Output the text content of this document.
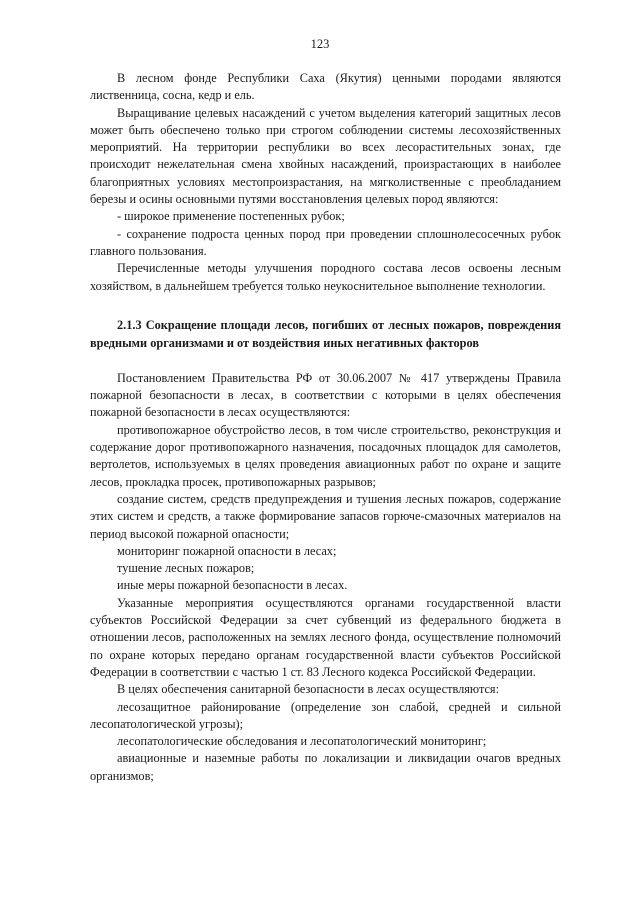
123

В лесном фонде Республики Саха (Якутия) ценными породами являются лиственница, сосна, кедр и ель.

Выращивание целевых насаждений с учетом выделения категорий защитных лесов может быть обеспечено только при строгом соблюдении системы лесохозяйственных мероприятий. На территории республики во всех лесорастительных зонах, где происходит нежелательная смена хвойных насаждений, произрастающих в наиболее благоприятных условиях местопроизрастания, на мягколиственные с преобладанием березы и осины основными путями восстановления целевых пород являются:

- широкое применение постепенных рубок;

- сохранение подроста ценных пород при проведении сплошнолесосечных рубок главного пользования.

Перечисленные методы улучшения породного состава лесов освоены лесным хозяйством, в дальнейшем требуется только неукоснительное выполнение технологии.

2.1.3 Сокращение площади лесов, погибших от лесных пожаров, повреждения вредными организмами и от воздействия иных негативных факторов

Постановлением Правительства РФ от 30.06.2007 № 417 утверждены Правила пожарной безопасности в лесах, в соответствии с которыми в целях обеспечения пожарной безопасности в лесах осуществляются:

противопожарное обустройство лесов, в том числе строительство, реконструкция и содержание дорог противопожарного назначения, посадочных площадок для самолетов, вертолетов, используемых в целях проведения авиационных работ по охране и защите лесов, прокладка просек, противопожарных разрывов;

создание систем, средств предупреждения и тушения лесных пожаров, содержание этих систем и средств, а также формирование запасов горюче-смазочных материалов на период высокой пожарной опасности;

мониторинг пожарной опасности в лесах;

тушение лесных пожаров;

иные меры пожарной безопасности в лесах.

Указанные мероприятия осуществляются органами государственной власти субъектов Российской Федерации за счет субвенций из федерального бюджета в отношении лесов, расположенных на землях лесного фонда, осуществление полномочий по охране которых передано органам государственной власти субъектов Российской Федерации в соответствии с частью 1 ст. 83 Лесного кодекса Российской Федерации.

В целях обеспечения санитарной безопасности в лесах осуществляются:

лесозащитное районирование (определение зон слабой, средней и сильной лесопатологической угрозы);

лесопатологические обследования и лесопатологический мониторинг;

авиационные и наземные работы по локализации и ликвидации очагов вредных организмов;
